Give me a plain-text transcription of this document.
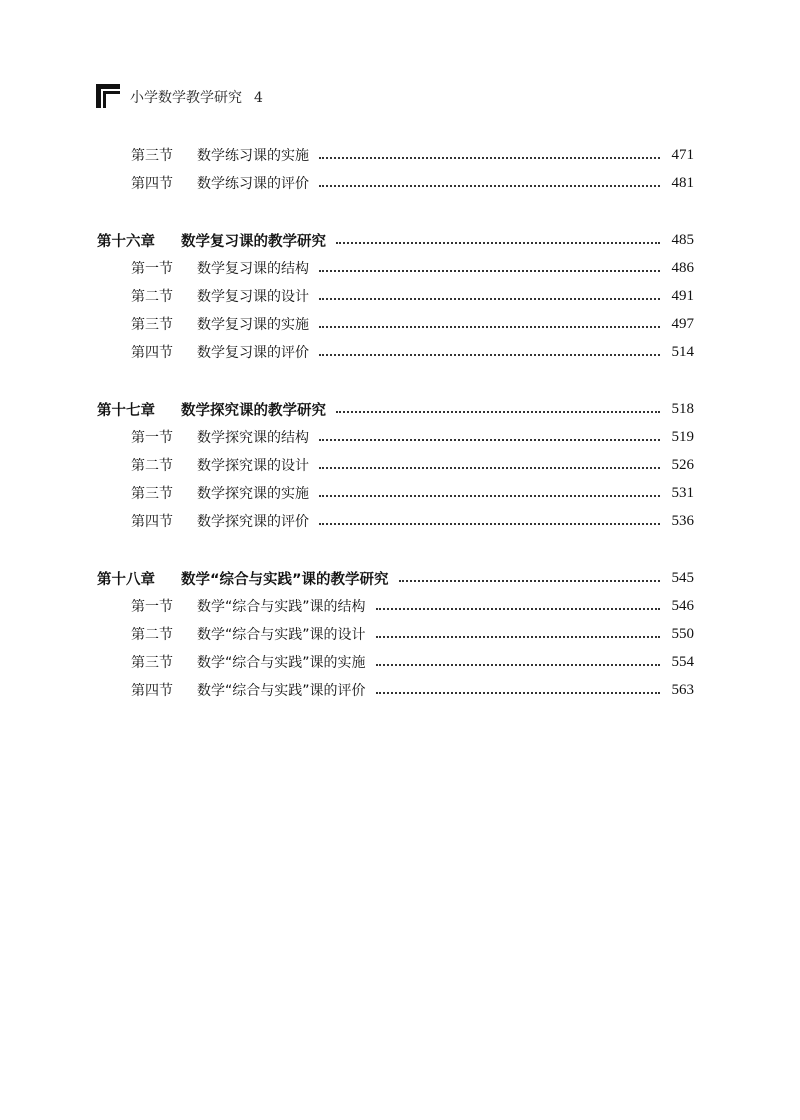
小学数学教学研究 4
第三节	数学练习课的实施	471
第四节	数学练习课的评价	481
第十六章	数学复习课的教学研究	485
第一节	数学复习课的结构	486
第二节	数学复习课的设计	491
第三节	数学复习课的实施	497
第四节	数学复习课的评价	514
第十七章	数学探究课的教学研究	518
第一节	数学探究课的结构	519
第二节	数学探究课的设计	526
第三节	数学探究课的实施	531
第四节	数学探究课的评价	536
第十八章	数学“综合与实践”课的教学研究	545
第一节	数学“综合与实践”课的结构	546
第二节	数学“综合与实践”课的设计	550
第三节	数学“综合与实践”课的实施	554
第四节	数学“综合与实践”课的评价	563
